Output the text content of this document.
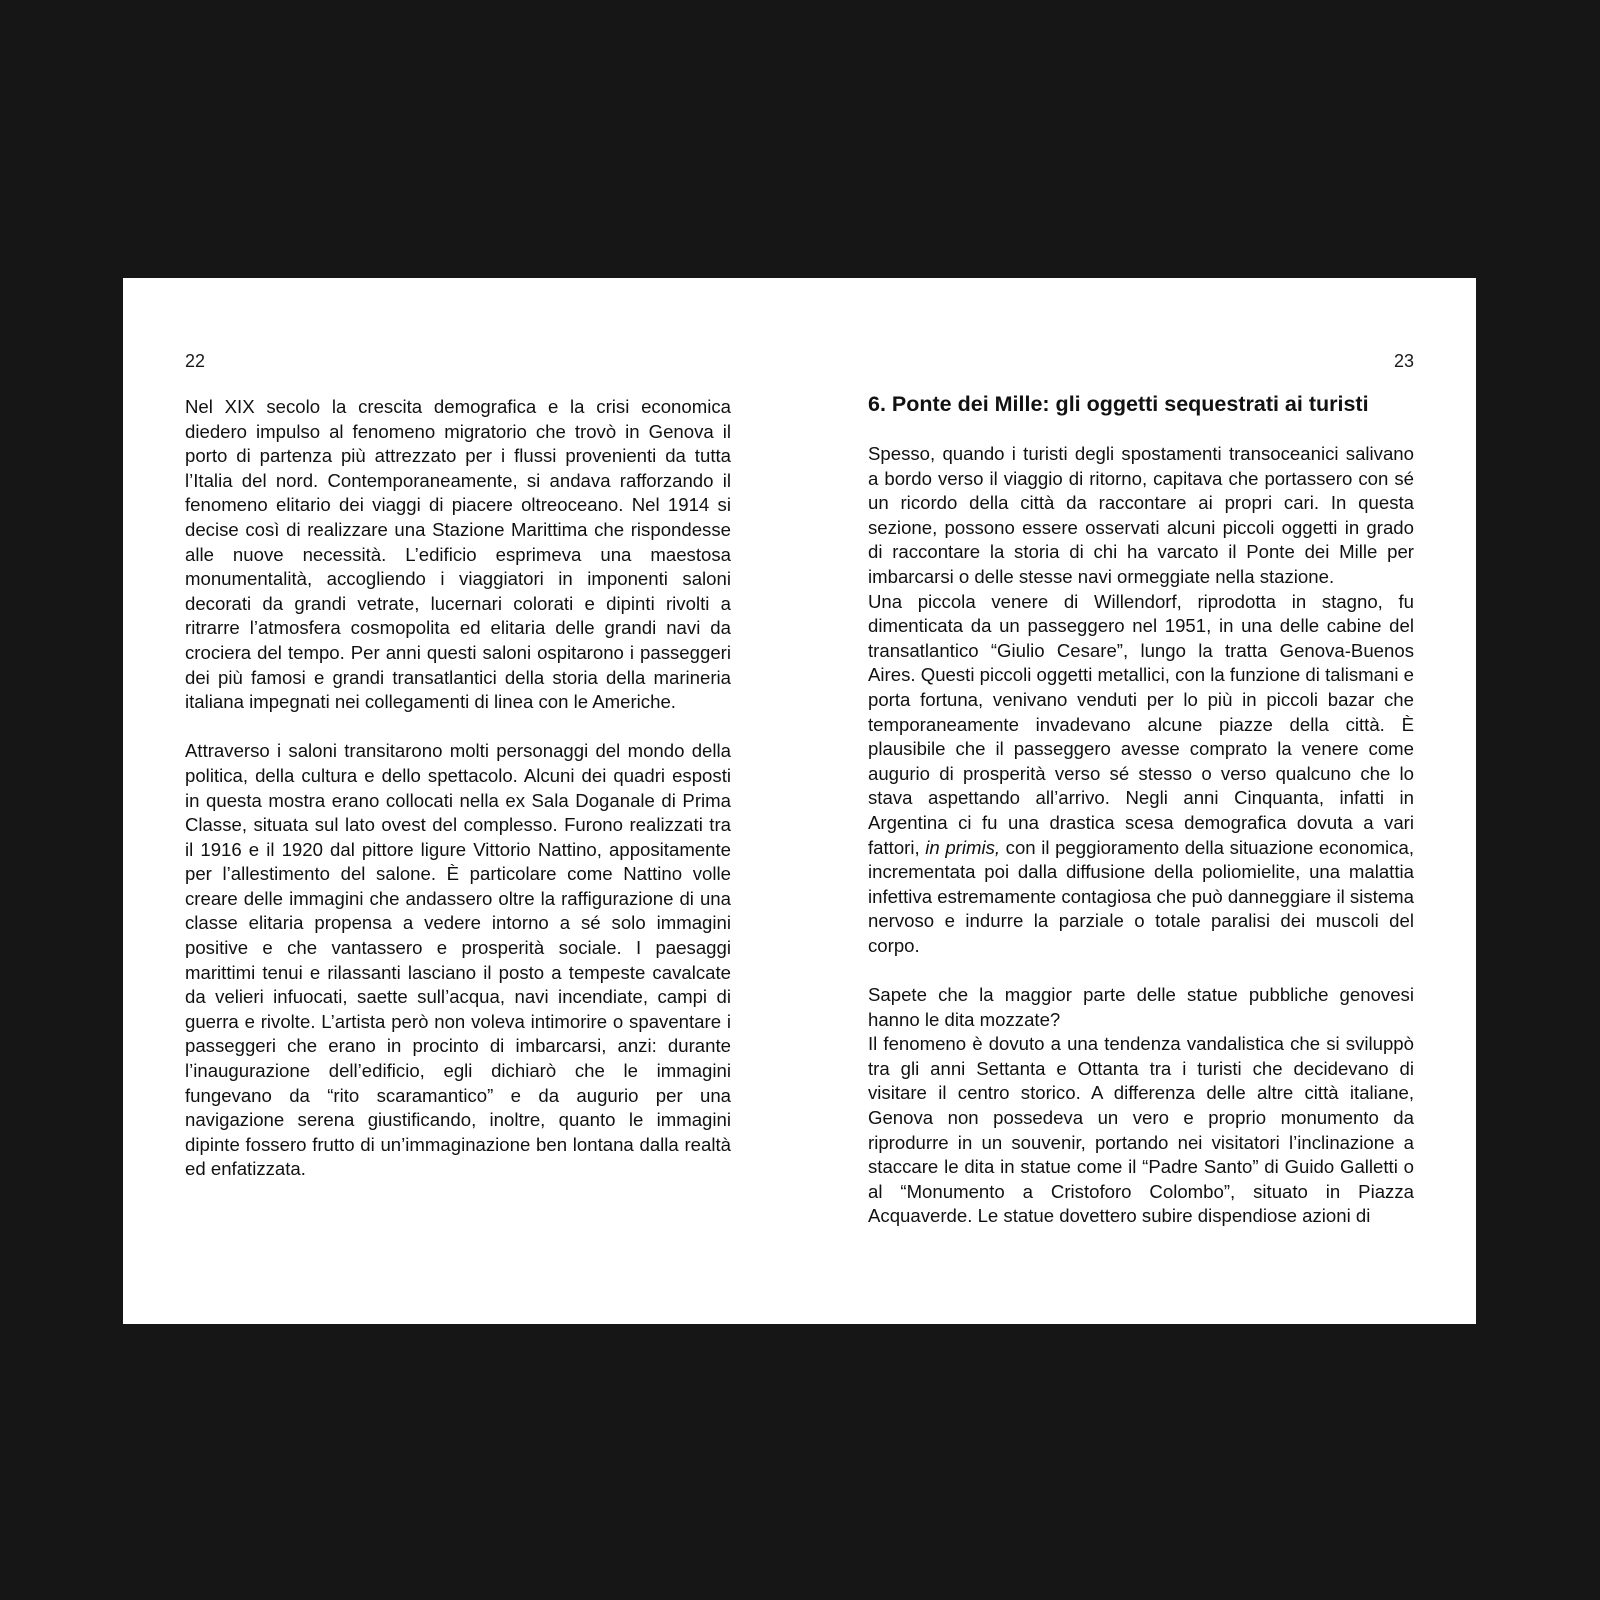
22	23

Nel XIX secolo la crescita demografica e la crisi economica diedero impulso al fenomeno migratorio che trovò in Genova il porto di partenza più attrezzato per i flussi provenienti da tutta l’Italia del nord. Contemporaneamente, si andava rafforzando il fenomeno elitario dei viaggi di piacere oltreoceano. Nel 1914 si decise così di realizzare una Stazione Marittima che rispondesse alle nuove necessità. L’edificio esprimeva una maestosa monumentalità, accogliendo i viaggiatori in imponenti saloni decorati da grandi vetrate, lucernari colorati e dipinti rivolti a ritrarre l’atmosfera cosmopolita ed elitaria delle grandi navi da crociera del tempo. Per anni questi saloni ospitarono i passeggeri dei più famosi e grandi transatlantici della storia della marineria italiana impegnati nei collegamenti di linea con le Americhe.

Attraverso i saloni transitarono molti personaggi del mondo della politica, della cultura e dello spettacolo. Alcuni dei quadri esposti in questa mostra erano collocati nella ex Sala Doganale di Prima Classe, situata sul lato ovest del complesso. Furono realizzati tra il 1916 e il 1920 dal pittore ligure Vittorio Nattino, appositamente per l’allestimento del salone. È particolare come Nattino volle creare delle immagini che andassero oltre la raffigurazione di una classe elitaria propensa a vedere intorno a sé solo immagini positive e che vantassero e prosperità sociale. I paesaggi marittimi tenui e rilassanti lasciano il posto a tempeste cavalcate da velieri infuocati, saette sull’acqua, navi incendiate, campi di guerra e rivolte. L’artista però non voleva intimorire o spaventare i passeggeri che erano in procinto di imbarcarsi, anzi: durante l’inaugurazione dell’edificio, egli dichiarò che le immagini fungevano da “rito scaramantico” e da augurio per una navigazione serena giustificando, inoltre, quanto le immagini dipinte fossero frutto di un’immaginazione ben lontana dalla realtà ed enfatizzata.

6. Ponte dei Mille: gli oggetti sequestrati ai turisti

Spesso, quando i turisti degli spostamenti transoceanici salivano a bordo verso il viaggio di ritorno, capitava che portassero con sé un ricordo della città da raccontare ai propri cari. In questa sezione, possono essere osservati alcuni piccoli oggetti in grado di raccontare la storia di chi ha varcato il Ponte dei Mille per imbarcarsi o delle stesse navi ormeggiate nella stazione.

Una piccola venere di Willendorf, riprodotta in stagno, fu dimenticata da un passeggero nel 1951, in una delle cabine del transatlantico “Giulio Cesare”, lungo la tratta Genova-Buenos Aires. Questi piccoli oggetti metallici, con la funzione di talismani e porta fortuna, venivano venduti per lo più in piccoli bazar che temporaneamente invadevano alcune piazze della città. È plausibile che il passeggero avesse comprato la venere come augurio di prosperità verso sé stesso o verso qualcuno che lo stava aspettando all’arrivo. Negli anni Cinquanta, infatti in Argentina ci fu una drastica scesa demografica dovuta a vari fattori, in primis, con il peggioramento della situazione economica, incrementata poi dalla diffusione della poliomielite, una malattia infettiva estremamente contagiosa che può danneggiare il sistema nervoso e indurre la parziale o totale paralisi dei muscoli del corpo.

Sapete che la maggior parte delle statue pubbliche genovesi hanno le dita mozzate?

Il fenomeno è dovuto a una tendenza vandalistica che si sviluppò tra gli anni Settanta e Ottanta tra i turisti che decidevano di visitare il centro storico. A differenza delle altre città italiane, Genova non possedeva un vero e proprio monumento da riprodurre in un souvenir, portando nei visitatori l’inclinazione a staccare le dita in statue come il “Padre Santo” di Guido Galletti o al “Monumento a Cristoforo Colombo”, situato in Piazza Acquaverde. Le statue dovettero subire dispendiose azioni di
